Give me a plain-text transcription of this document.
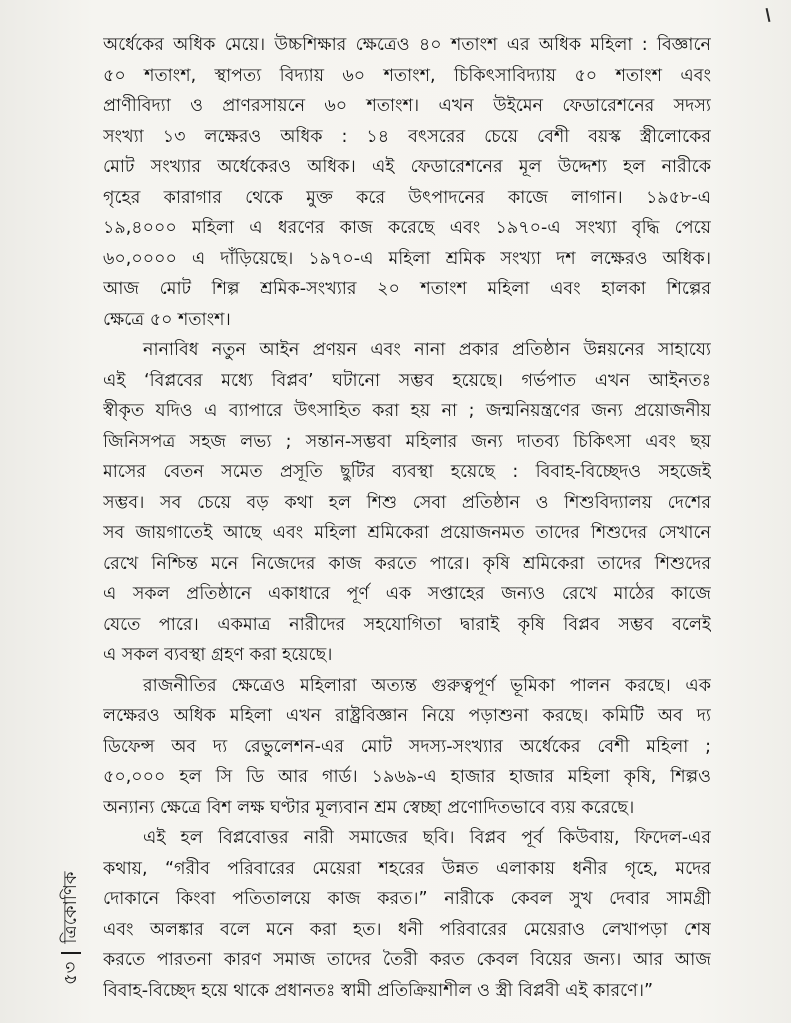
অর্ধেকের অধিক মেয়ে। উচ্চশিক্ষার ক্ষেত্রেও ৪০ শতাংশ এর অধিক মহিলা : বিজ্ঞানে
৫০ শতাংশ, স্থাপত্য বিদ্যায় ৬০ শতাংশ, চিকিৎসাবিদ্যায় ৫০ শতাংশ এবং
প্রাণীবিদ্যা ও প্রাণরসায়নে ৬০ শতাংশ। এখন উইমেন ফেডারেশনের সদস্য
সংখ্যা ১৩ লক্ষেরও অধিক : ১৪ বৎসরের চেয়ে বেশী বয়স্ক স্ত্রীলোকের
মোট সংখ্যার অর্ধেকেরও অধিক। এই ফেডারেশনের মূল উদ্দেশ্য হল নারীকে
গৃহের কারাগার থেকে মুক্ত করে উৎপাদনের কাজে লাগান। ১৯৫৮-এ
১৯,৪০০০ মহিলা এ ধরণের কাজ করেছে এবং ১৯৭০-এ সংখ্যা বৃদ্ধি পেয়ে
৬০,০০০০ এ দাঁড়িয়েছে। ১৯৭০-এ মহিলা শ্রমিক সংখ্যা দশ লক্ষেরও অধিক।
আজ মোট শিল্প শ্রমিক-সংখ্যার ২০ শতাংশ মহিলা এবং হালকা শিল্পের
ক্ষেত্রে ৫০ শতাংশ।
নানাবিধ নতুন আইন প্রণয়ন এবং নানা প্রকার প্রতিষ্ঠান উন্নয়নের সাহায্যে
এই ‘বিপ্লবের মধ্যে বিপ্লব’ ঘটানো সম্ভব হয়েছে। গর্ভপাত এখন আইনতঃ
স্বীকৃত যদিও এ ব্যাপারে উৎসাহিত করা হয় না ; জন্মনিয়ন্ত্রণের জন্য প্রয়োজনীয়
জিনিসপত্র সহজ লভ্য ; সন্তান-সম্ভবা মহিলার জন্য দাতব্য চিকিৎসা এবং ছয়
মাসের বেতন সমেত প্রসূতি ছুটির ব্যবস্থা হয়েছে : বিবাহ-বিচ্ছেদও সহজেই
সম্ভব। সব চেয়ে বড় কথা হল শিশু সেবা প্রতিষ্ঠান ও শিশুবিদ্যালয় দেশের
সব জায়গাতেই আছে এবং মহিলা শ্রমিকেরা প্রয়োজনমত তাদের শিশুদের সেখানে
রেখে নিশ্চিন্ত মনে নিজেদের কাজ করতে পারে। কৃষি শ্রমিকেরা তাদের শিশুদের
এ সকল প্রতিষ্ঠানে একাধারে পূর্ণ এক সপ্তাহের জন্যও রেখে মাঠের কাজে
যেতে পারে। একমাত্র নারীদের সহযোগিতা দ্বারাই কৃষি বিপ্লব সম্ভব বলেই
এ সকল ব্যবস্থা গ্রহণ করা হয়েছে।
রাজনীতির ক্ষেত্রেও মহিলারা অত্যন্ত গুরুত্বপূর্ণ ভূমিকা পালন করছে। এক
লক্ষেরও অধিক মহিলা এখন রাষ্ট্রবিজ্ঞান নিয়ে পড়াশুনা করছে। কমিটি অব দ্য
ডিফেন্স অব দ্য রেভুলেশন-এর মোট সদস্য-সংখ্যার অর্ধেকের বেশী মহিলা ;
৫০,০০০ হল সি ডি আর গার্ড। ১৯৬৯-এ হাজার হাজার মহিলা কৃষি, শিল্পও
অন্যান্য ক্ষেত্রে বিশ লক্ষ ঘণ্টার মূল্যবান শ্রম স্বেচ্ছা প্রণোদিতভাবে ব্যয় করেছে।
এই হল বিপ্লবোত্তর নারী সমাজের ছবি। বিপ্লব পূর্ব কিউবায়, ফিদেল-এর
কথায়, “গরীব পরিবারের মেয়েরা শহরের উন্নত এলাকায় ধনীর গৃহে, মদের
দোকানে কিংবা পতিতালয়ে কাজ করত।” নারীকে কেবল সুখ দেবার সামগ্রী
এবং অলঙ্কার বলে মনে করা হত। ধনী পরিবারের মেয়েরাও লেখাপড়া শেষ
করতে পারতনা কারণ সমাজ তাদের তৈরী করত কেবল বিয়ের জন্য। আর আজ
বিবাহ-বিচ্ছেদ হয়ে থাকে প্রধানতঃ স্বামী প্রতিক্রিয়াশীল ও স্ত্রী বিপ্লবী এই কারণে।”
৫৩ত্রিকোণিক
